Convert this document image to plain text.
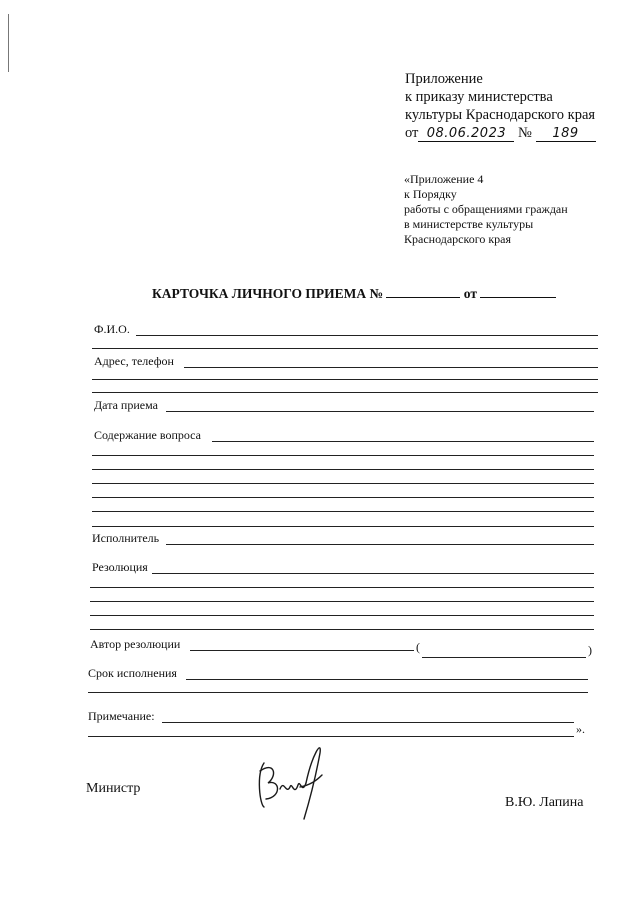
Приложение
к приказу министерства
культуры Краснодарского края
от 08.06.2023 № 189
«Приложение 4
к Порядку
работы с обращениями граждан
в министерстве культуры
Краснодарского края
КАРТОЧКА ЛИЧНОГО ПРИЕМА №	от
Ф.И.О.
Адрес, телефон
Дата приема
Содержание вопроса
Исполнитель
Резолюция
Автор резолюции	(	)
Срок исполнения
Примечание:
».
Министр
В.Ю. Лапина
